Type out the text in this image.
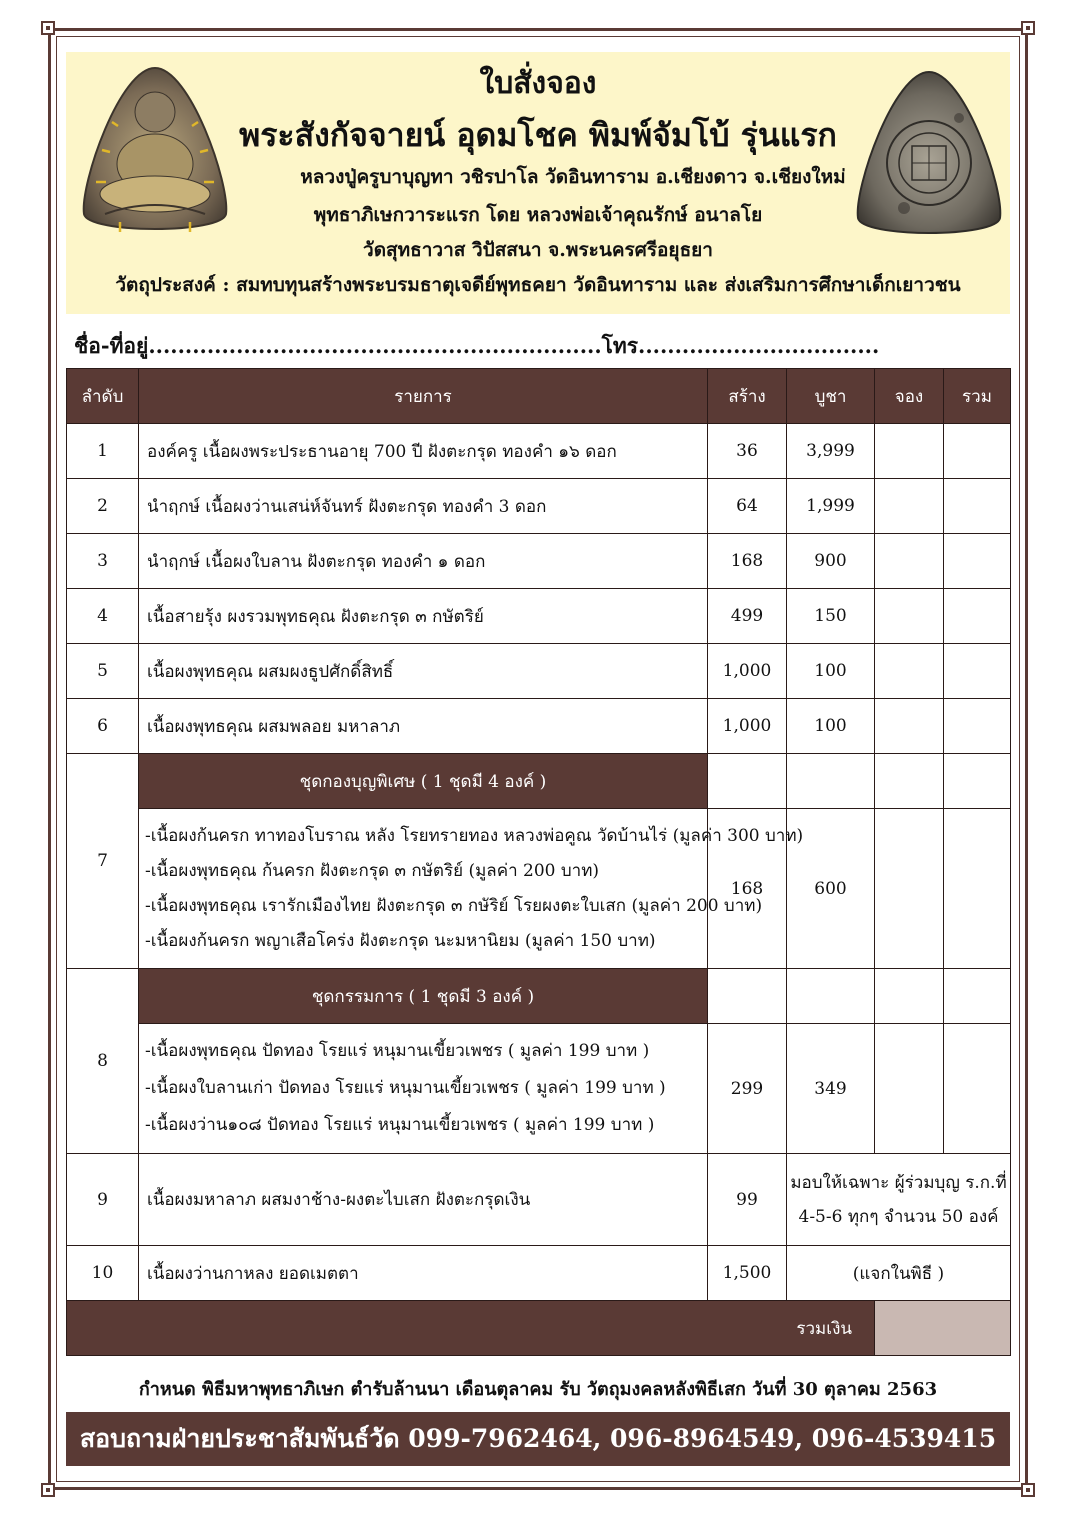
ใบสั่งจอง
พระสังกัจจายน์ อุดมโชค พิมพ์จัมโบ้ รุ่นแรก
หลวงปู่ครูบาบุญทา วชิรปาโล วัดอินทาราม อ.เชียงดาว จ.เชียงใหม่
พุทธาภิเษกวาระแรก โดย หลวงพ่อเจ้าคุณรักษ์ อนาลโย
วัดสุทธาวาส วิปัสสนา จ.พระนครศรีอยุธยา
วัตถุประสงค์ : สมทบทุนสร้างพระบรมธาตุเจดีย์พุทธคยา วัดอินทาราม และ ส่งเสริมการศึกษาเด็กเยาวชน
ชื่อ-ที่อยู่..............................................................โทร.................................
ลำดับ	รายการ	สร้าง	บูชา	จอง	รวม
1	องค์ครู เนื้อผงพระประธานอายุ 700 ปี ฝังตะกรุด ทองคำ ๑๖ ดอก	36	3,999		
2	นำฤกษ์ เนื้อผงว่านเสน่ห์จันทร์ ฝังตะกรุด ทองคำ 3 ดอก	64	1,999		
3	นำฤกษ์ เนื้อผงใบลาน ฝังตะกรุด ทองคำ ๑ ดอก	168	900		
4	เนื้อสายรุ้ง ผงรวมพุทธคุณ ฝังตะกรุด ๓ กษัตริย์	499	150		
5	เนื้อผงพุทธคุณ ผสมผงธูปศักดิ์สิทธิ์	1,000	100		
6	เนื้อผงพุทธคุณ ผสมพลอย มหาลาภ	1,000	100		
7	ชุดกองบุญพิเศษ ( 1 ชุดมี 4 องค์ )				

	-เนื้อผงก้นครก ทาทองโบราณ หลัง โรยทรายทอง หลวงพ่อคูณ วัดบ้านไร่ (มูลค่า 300 บาท)
-เนื้อผงพุทธคุณ ก้นครก ฝังตะกรุด ๓ กษัตริย์ (มูลค่า 200 บาท)
-เนื้อผงพุทธคุณ เรารักเมืองไทย ฝังตะกรุด ๓ กษัริย์ โรยผงตะใบเสก (มูลค่า 200 บาท)
-เนื้อผงก้นครก พญาเสือโคร่ง ฝังตะกรุด นะมหานิยม (มูลค่า 150 บาท)	168	600		
8	ชุดกรรมการ ( 1 ชุดมี 3 องค์ )				

	-เนื้อผงพุทธคุณ ปัดทอง โรยแร่ หนุมานเขี้ยวเพชร ( มูลค่า 199 บาท )
-เนื้อผงใบลานเก่า ปัดทอง โรยแร่ หนุมานเขี้ยวเพชร ( มูลค่า 199 บาท )
-เนื้อผงว่าน๑๐๘ ปัดทอง โรยแร่ หนุมานเขี้ยวเพชร ( มูลค่า 199 บาท )	299	349		
9	เนื้อผงมหาลาภ ผสมงาช้าง-ผงตะไบเสก ฝังตะกรุดเงิน	99	มอบให้เฉพาะ ผู้ร่วมบุญ ร.ก.ที่
4-5-6 ทุกๆ จำนวน 50 องค์		

10	เนื้อผงว่านกาหลง ยอดเมตตา	1,500	(แจกในพิธี )		
รวมเงิน					
กำหนด พิธีมหาพุทธาภิเษก ตำรับล้านนา เดือนตุลาคม รับ วัตถุมงคลหลังพิธีเสก วันที่ 30 ตุลาคม 2563
สอบถามฝ่ายประชาสัมพันธ์วัด 099-7962464, 096-8964549, 096-4539415
